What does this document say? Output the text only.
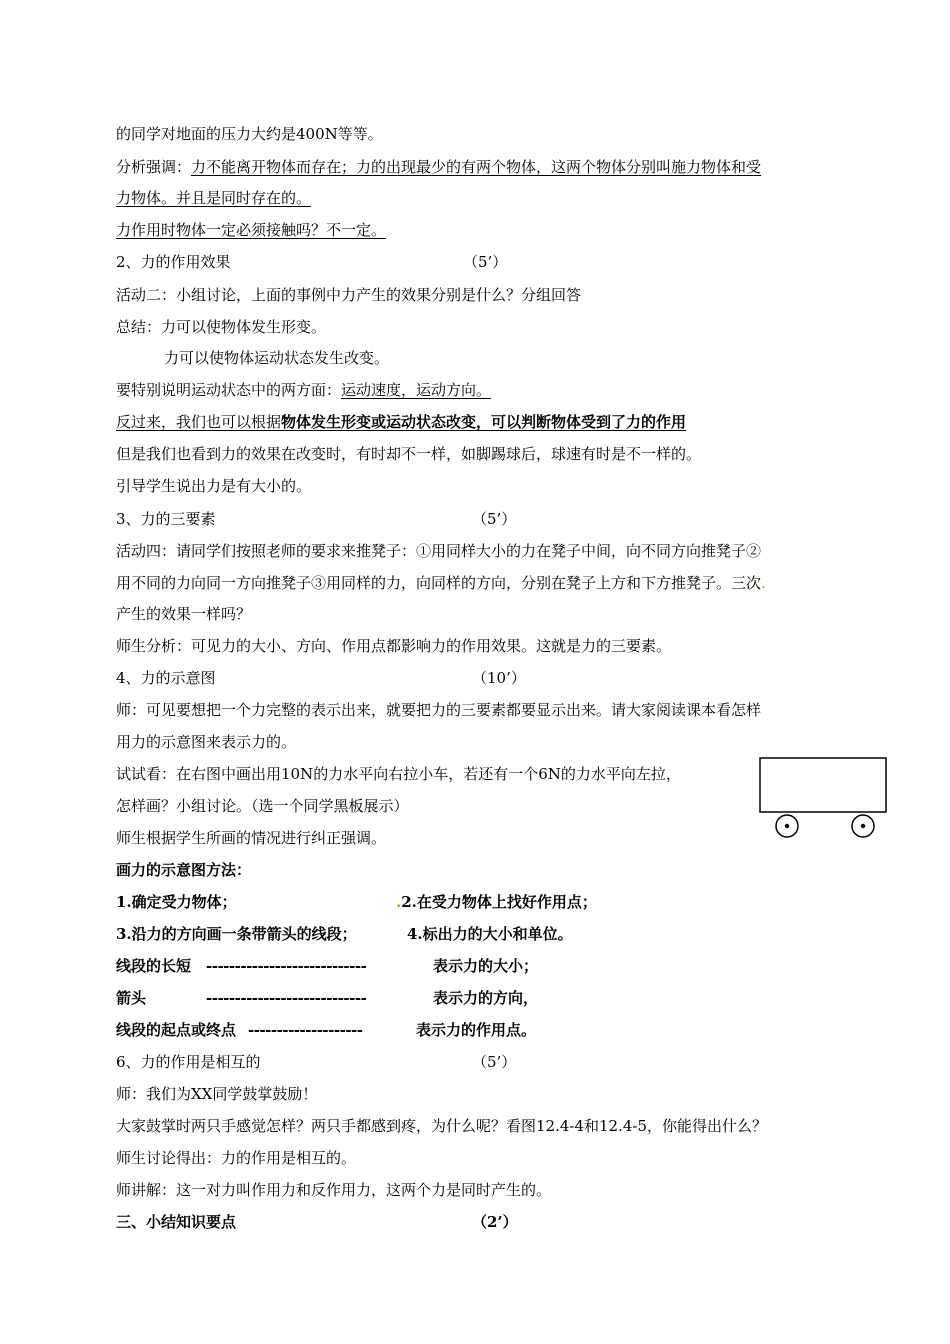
的同学对地面的压力大约是400N等等。
分析强调：力不能离开物体而存在；力的出现最少的有两个物体，这两个物体分别叫施力物体和受
力物体。并且是同时存在的。
力作用时物体一定必须接触吗？不一定。
2、力的作用效果	（5’）
活动二：小组讨论，上面的事例中力产生的效果分别是什么？分组回答
总结：力可以使物体发生形变。
力可以使物体运动状态发生改变。
要特别说明运动状态中的两方面：运动速度，运动方向。
反过来，我们也可以根据物体发生形变或运动状态改变，可以判断物体受到了力的作用
但是我们也看到力的效果在改变时，有时却不一样，如脚踢球后，球速有时是不一样的。
引导学生说出力是有大小的。
3、力的三要素	（5’）
活动四：请同学们按照老师的要求来推凳子：①用同样大小的力在凳子中间，向不同方向推凳子②
用不同的力向同一方向推凳子③用同样的力，向同样的方向，分别在凳子上方和下方推凳子。三次.
产生的效果一样吗？
师生分析：可见力的大小、方向、作用点都影响力的作用效果。这就是力的三要素。
4、力的示意图	（10’）
师：可见要想把一个力完整的表示出来，就要把力的三要素都要显示出来。请大家阅读课本看怎样
用力的示意图来表示力的。
试试看：在右图中画出用10N的力水平向右拉小车，若还有一个6N的力水平向左拉，
怎样画？小组讨论。（选一个同学黑板展示）
师生根据学生所画的情况进行纠正强调。
画力的示意图方法：
1.确定受力物体；	.2.在受力物体上找好作用点；
3.沿力的方向画一条带箭头的线段；	4.标出力的大小和单位。
线段的长短 ----------------------------	表示力的大小；
箭头	----------------------------	表示力的方向，
线段的起点或终点 --------------------	表示力的作用点。
6、力的作用是相互的	（5’）
师：我们为XX同学鼓掌鼓励！
大家鼓掌时两只手感觉怎样？两只手都感到疼，为什么呢？看图12.4-4和12.4-5，你能得出什么？
师生讨论得出：力的作用是相互的。
师讲解：这一对力叫作用力和反作用力，这两个力是同时产生的。
三、小结知识要点	（2’）
